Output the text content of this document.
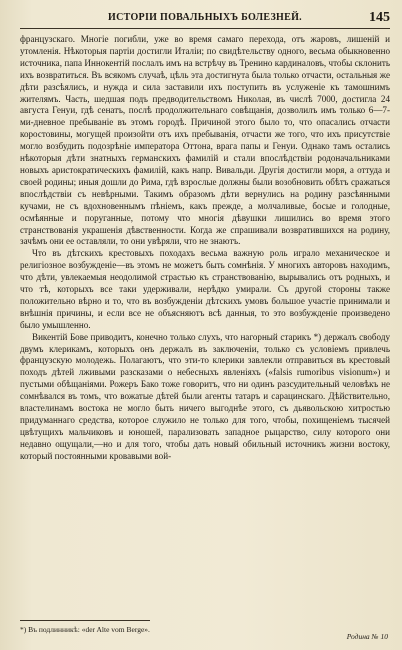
ИСТОРІИ ПОВАЛЬНЫХЪ БОЛЕЗНЕЙ.	145

французскаго. Многіе погибли, уже во время самаго перехода, отъ жаровъ, лишеній и утомленія. Нѣкоторыя партіи достигли Италіи; по свидѣтельству одного, весьма обыкновенно источника, папа Иннокентій послалъ имъ на встрѣчу въ Тренино кардиналовъ, чтобы склонить ихъ возвратиться. Въ всякомъ случаѣ, цѣль эта достигнута была только отчасти, остальныя же дѣти разсѣялись, и нужда и сила заставили ихъ поступить въ услуженіе къ тамошнимъ жителямъ. Часть, шедшая подъ предводительствомъ Николая, въ числѣ 7000, достигла 24 августа Генуи, гдѣ сенатъ, послѣ продолжительнаго совѣщанія, дозволилъ имъ только 6—7-ми-дневное пребываніе въ этомъ городѣ. Причиной этого было то, что опасались отчасти коростовины, могущей произойти отъ ихъ пребыванія, отчасти же того, что ихъ присутствіе могло возбудить подозрѣніе императора Оттона, врага папы и Генуи. Однако тамъ остались нѣкоторыя дѣти знатныхъ германскихъ фамилій и стали впослѣдствіи родоначальниками новыхъ аристократическихъ фамилій, какъ напр. Вивальди. Другія достигли моря, а оттуда и своей родины; иныя дошли до Рима, гдѣ взрослые должны были возобновить обѣтъ сражаться впослѣдствіи съ невѣрными. Такимъ образомъ дѣти вернулись на родину разсѣянными кучами, не съ вдохновеннымъ пѣніемъ, какъ прежде, а молчаливые, босые и голодные, осмѣянные и поруганные, потому что многія дѣвушки лишились во время этого странствованія украшенія дѣвственности. Когда же спрашивали возвратившихся на родину, зачѣмъ они ее оставляли, то они увѣряли, что не знаютъ.

Что въ дѣтскихъ крестовыхъ походахъ весьма важную роль играло механическое и религіозное возбужденіе—въ этомъ не можетъ быть сомнѣнія. У многихъ авторовъ находимъ, что дѣти, увлекаемыя неодолимой страстью къ странствованію, вырывались отъ родныхъ, и что тѣ, которыхъ все таки удерживали, нерѣдко умирали. Съ другой стороны также положительно вѣрно и то, что въ возбужденіи дѣтскихъ умовъ большое участіе принимали и внѣшнія причины, и если все не объясняютъ всѣ данныя, то это возбужденіе произведено было умышленно.

Викентій Бове приводитъ, конечно только слухъ, что нагорный старикъ *) держалъ свободу двумъ клерикамъ, которыхъ онъ держалъ въ заключеніи, только съ условіемъ привлечь французскую молодежь. Полагаютъ, что эти-то клерики завлекли отправиться въ крестовый походъ дѣтей лживыми разсказами о небесныхъ явленіяхъ («falsis rumoribus visionum») и пустыми обѣщаніями. Рожеръ Бако тоже говоритъ, что ни одинъ разсудительный человѣкъ не сомнѣвался въ томъ, что вожатые дѣтей были агенты татаръ и сарацинскаго. Дѣйствительно, властелинамъ востока не могло быть ничего выгоднѣе этого, съ дьявольскою хитростью придуманнаго средства, которое служило не только для того, чтобы, похищеніемъ тысячей цвѣтущихъ мальчиковъ и юношей, парализовать западное рыцарство, силу которого они недавно ощущали,—но и для того, чтобы дать новый обильный источникъ жизни востоку, который постоянными кровавыми вой-

*) Въ подлинникѣ: «der Alte vom Berge».
Родина № 10
